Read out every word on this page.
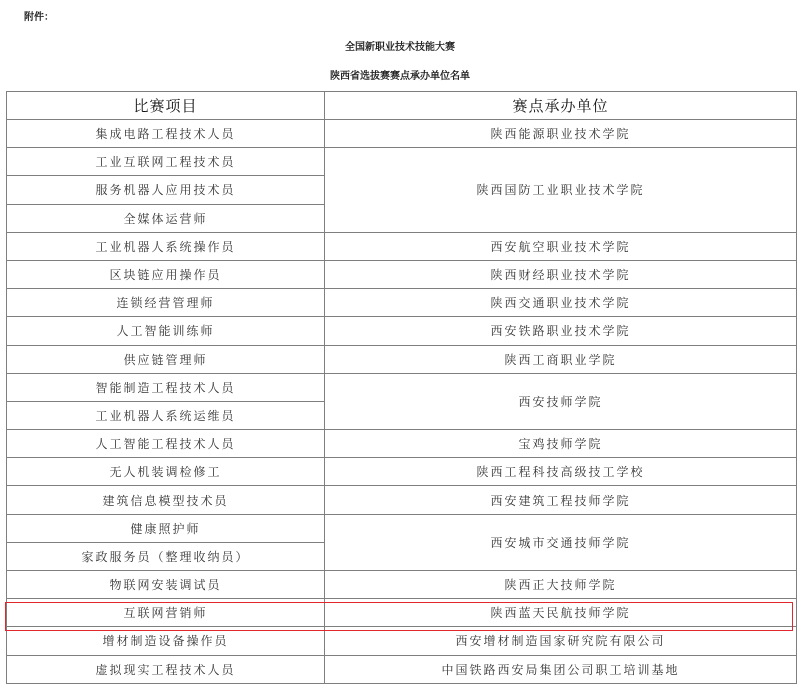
附件：
全国新职业技术技能大赛
陕西省选拔赛赛点承办单位名单
比赛项目	赛点承办单位
集成电路工程技术人员	陕西能源职业技术学院
工业互联网工程技术员	陕西国防工业职业技术学院
服务机器人应用技术员	
全媒体运营师	
工业机器人系统操作员	西安航空职业技术学院
区块链应用操作员	陕西财经职业技术学院
连锁经营管理师	陕西交通职业技术学院
人工智能训练师	西安铁路职业技术学院
供应链管理师	陕西工商职业学院
智能制造工程技术人员	西安技师学院
工业机器人系统运维员	
人工智能工程技术人员	宝鸡技师学院
无人机装调检修工	陕西工程科技高级技工学校
建筑信息模型技术员	西安建筑工程技师学院
健康照护师	西安城市交通技师学院
家政服务员（整理收纳员）	
物联网安装调试员	陕西正大技师学院
互联网营销师	陕西蓝天民航技师学院
增材制造设备操作员	西安增材制造国家研究院有限公司
虚拟现实工程技术人员	中国铁路西安局集团公司职工培训基地
